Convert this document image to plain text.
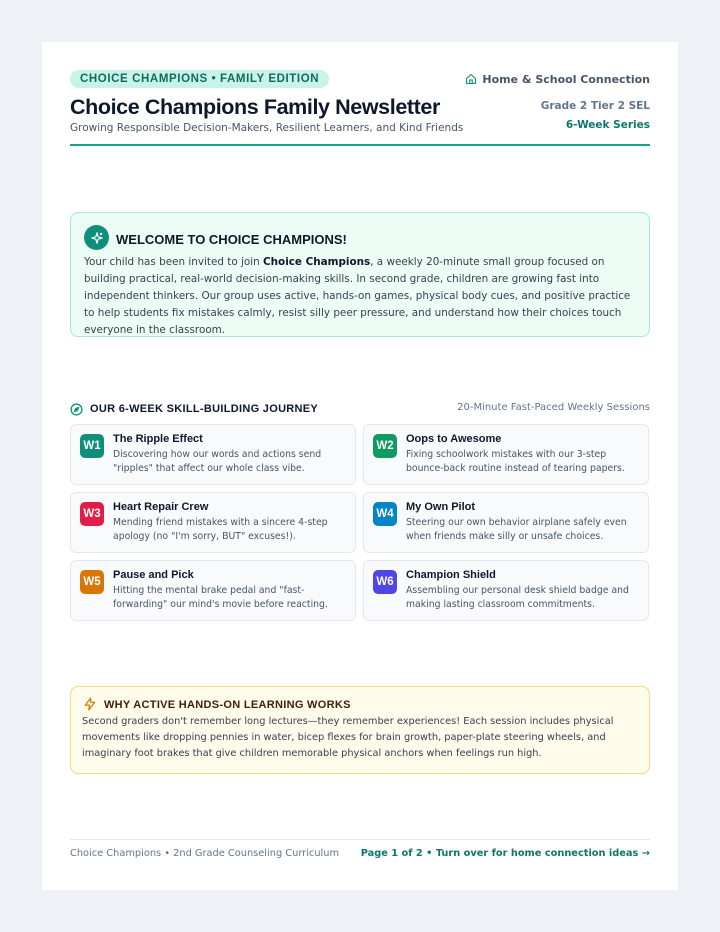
CHOICE CHAMPIONS • FAMILY EDITION	Home & School Connection
Choice Champions Family Newsletter
Growing Responsible Decision-Makers, Resilient Learners, and Kind Friends
Grade 2 Tier 2 SEL
6-Week Series
WELCOME TO CHOICE CHAMPIONS!

Your child has been invited to join Choice Champions, a weekly 20-minute small group focused on building practical, real-world decision-making skills. In second grade, children are growing fast into independent thinkers. Our group uses active, hands-on games, physical body cues, and positive practice to help students fix mistakes calmly, resist silly peer pressure, and understand how their choices touch everyone in the classroom.

OUR 6-WEEK SKILL-BUILDING JOURNEY	20-Minute Fast-Paced Weekly Sessions
W1
The Ripple Effect
Discovering how our words and actions send "ripples" that affect our whole class vibe.
W2
Oops to Awesome
Fixing schoolwork mistakes with our 3-step bounce-back routine instead of tearing papers.
W3
Heart Repair Crew
Mending friend mistakes with a sincere 4-step apology (no "I'm sorry, BUT" excuses!).
W4
My Own Pilot
Steering our own behavior airplane safely even when friends make silly or unsafe choices.
W5
Pause and Pick
Hitting the mental brake pedal and "fast-forwarding" our mind's movie before reacting.
W6
Champion Shield
Assembling our personal desk shield badge and making lasting classroom commitments.
WHY ACTIVE HANDS-ON LEARNING WORKS

Second graders don't remember long lectures—they remember experiences! Each session includes physical movements like dropping pennies in water, bicep flexes for brain growth, paper-plate steering wheels, and imaginary foot brakes that give children memorable physical anchors when feelings run high.

Choice Champions • 2nd Grade Counseling Curriculum Page 1 of 2 • Turn over for home connection ideas →
